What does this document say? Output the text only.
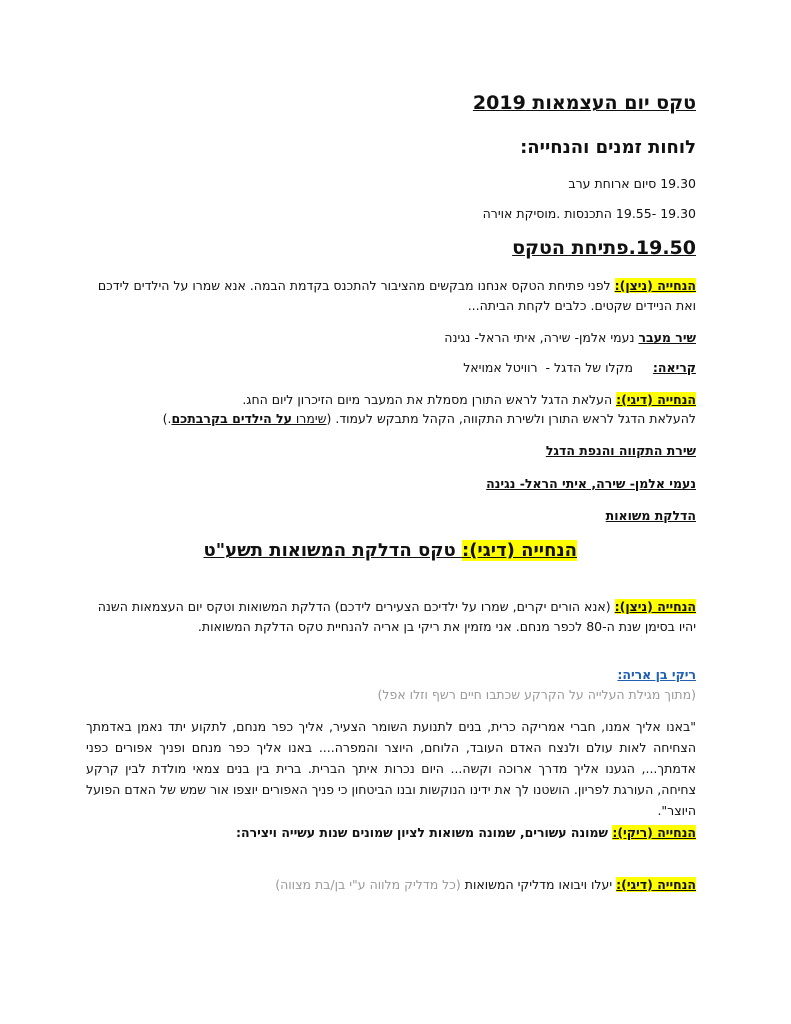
טקס יום העצמאות 2019
לוחות זמנים והנחייה:
19.30 סיום ארוחת ערב
19.30 -19.55 התכנסות .מוסיקת אוירה
19.50.פתיחת הטקס
הנחייה (ניצן): לפני פתיחת הטקס אנחנו מבקשים מהציבור להתכנס בקדמת הבמה. אנא שמרו על הילדים לידכם
ואת הניידים שקטים. כלבים לקחת הביתה...
שיר מעבר נעמי אלמן- שירה, איתי הראל- נגינה
קריאה:     מקלו של הדגל -  רוויטל אמויאל
הנחייה (דיגי): העלאת הדגל לראש התורן מסמלת את המעבר מיום הזיכרון ליום החג.
להעלאת הדגל לראש התורן ולשירת התקווה, הקהל מתבקש לעמוד. (שימרו על הילדים בקרבתכם.)
שירת התקווה והנפת הדגל
נעמי אלמן- שירה, איתי הראל- נגינה
הדלקת משואות
הנחייה (דיגי): טקס הדלקת המשואות תשע"ט
הנחייה (ניצן): (אנא הורים יקרים, שמרו על ילדיכם הצעירים לידכם) הדלקת המשואות וטקס יום העצמאות השנה
יהיו בסימן שנת ה-80 לכפר מנחם. אני מזמין את ריקי בן אריה להנחיית טקס הדלקת המשואות.
ריקי בן אריה:
(מתוך מגילת העלייה על הקרקע שכתבו חיים רשף וזלו אפל)
"באנו אליך אמנו, חברי אמריקה כרית, בנים לתנועת השומר הצעיר, אליך כפר מנחם, לתקוע יתד נאמן באדמתך הצחיחה לאות עולם ולנצח האדם העובד, הלוחם, היוצר והמפרה.... באנו אליך כפר מנחם ופניך אפורים כפני אדמתך..., הגענו אליך מדרך ארוכה וקשה... היום נכרות איתך הברית. ברית בין בנים צמאי מולדת לבין קרקע צחיחה, העורגת לפריון. הושטנו לך את ידינו הנוקשות ובנו הביטחון כי פניך האפורים יוצפו אור שמש של האדם הפועל היוצר".
הנחייה (ריקי): שמונה עשורים, שמונה משואות לציון שמונים שנות עשייה ויצירה:
הנחייה (דיגי): יעלו ויבואו מדליקי המשואות (כל מדליק מלווה ע"י בן/בת מצווה)
